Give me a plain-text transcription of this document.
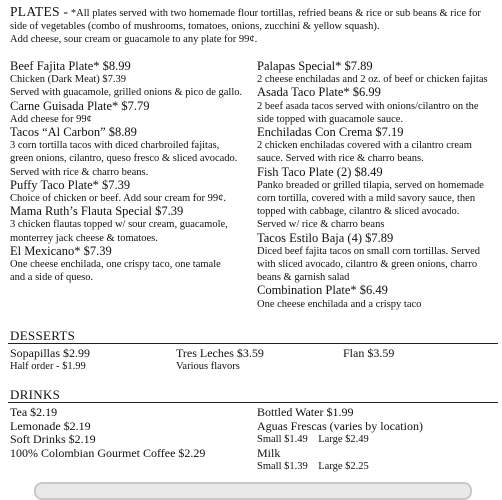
PLATES - *All plates served with two homemade flour tortillas, refried beans & rice or sub beans & rice for
side of vegetables (combo of mushrooms, tomatoes, onions, zucchini & yellow squash).
Add cheese, sour cream or guacamole to any plate for 99¢.
Beef Fajita Plate* $8.99
Chicken (Dark Meat) $7.39
Served with guacamole, grilled onions & pico de gallo.
Carne Guisada Plate* $7.79
Add cheese for 99¢
Tacos “Al Carbon” $8.89
3 corn tortilla tacos with diced charbroiled fajitas,
green onions, cilantro, queso fresco & sliced avocado.
Served with rice & charro beans.
Puffy Taco Plate* $7.39
Choice of chicken or beef. Add sour cream for 99¢.
Mama Ruth’s Flauta Special $7.39
3 chicken flautas topped w/ sour cream, guacamole,
monterrey jack cheese & tomatoes.
El Mexicano* $7.39
One cheese enchilada, one crispy taco, one tamale
and a side of queso.
Palapas Special* $7.89
2 cheese enchiladas and 2 oz. of beef or chicken fajitas
Asada Taco Plate* $6.99
2 beef asada tacos served with onions/cilantro on the
side topped with guacamole sauce.
Enchiladas Con Crema $7.19
2 chicken enchiladas covered with a cilantro cream
sauce. Served with rice & charro beans.
Fish Taco Plate (2) $8.49
Panko breaded or grilled tilapia, served on homemade
corn tortilla, covered with a mild savory sauce, then
topped with cabbage, cilantro & sliced avocado.
Served w/ rice & charro beans
Tacos Estilo Baja (4) $7.89
Diced beef fajita tacos on small corn tortillas. Served
with sliced avocado, cilantro & green onions, charro
beans & garnish salad
Combination Plate* $6.49
One cheese enchilada and a crispy taco
DESSERTS
Sopapillas $2.99
Half order - $1.99
Tres Leches $3.59
Various flavors
Flan $3.59
DRINKS
Tea $2.19
Lemonade $2.19
Soft Drinks $2.19
100% Colombian Gourmet Coffee $2.29
Bottled Water $1.99
Aguas Frescas (varies by location)
Small $1.49    Large $2.49
Milk
Small $1.39    Large $2.25
